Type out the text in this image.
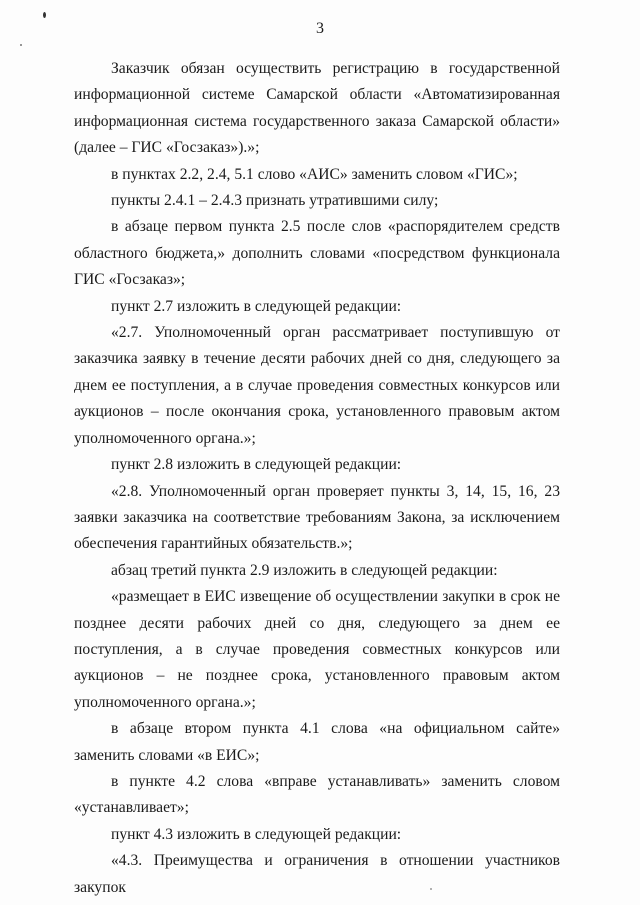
3

Заказчик обязан осуществить регистрацию в государственной информационной системе Самарской области «Автоматизированная информационная система государственного заказа Самарской области» (далее – ГИС «Госзаказ»).»;

в пунктах 2.2, 2.4, 5.1 слово «АИС» заменить словом «ГИС»;

пункты 2.4.1 – 2.4.3 признать утратившими силу;

в абзаце первом пункта 2.5 после слов «распорядителем средств областного бюджета,» дополнить словами «посредством функционала ГИС «Госзаказ»;

пункт 2.7 изложить в следующей редакции:

«2.7. Уполномоченный орган рассматривает поступившую от заказчика заявку в течение десяти рабочих дней со дня, следующего за днем ее поступления, а в случае проведения совместных конкурсов или аукционов – после окончания срока, установленного правовым актом уполномоченного органа.»;

пункт 2.8 изложить в следующей редакции:

«2.8. Уполномоченный орган проверяет пункты 3, 14, 15, 16, 23 заявки заказчика на соответствие требованиям Закона, за исключением обеспечения гарантийных обязательств.»;

абзац третий пункта 2.9 изложить в следующей редакции:

«размещает в ЕИС извещение об осуществлении закупки в срок не позднее десяти рабочих дней со дня, следующего за днем ее поступления, а в случае проведения совместных конкурсов или аукционов – не позднее срока, установленного правовым актом уполномоченного органа.»;

в абзаце втором пункта 4.1 слова «на официальном сайте» заменить словами «в ЕИС»;

в пункте 4.2 слова «вправе устанавливать» заменить словом «устанавливает»;

пункт 4.3 изложить в следующей редакции:

«4.3. Преимущества и ограничения в отношении участников закупок
